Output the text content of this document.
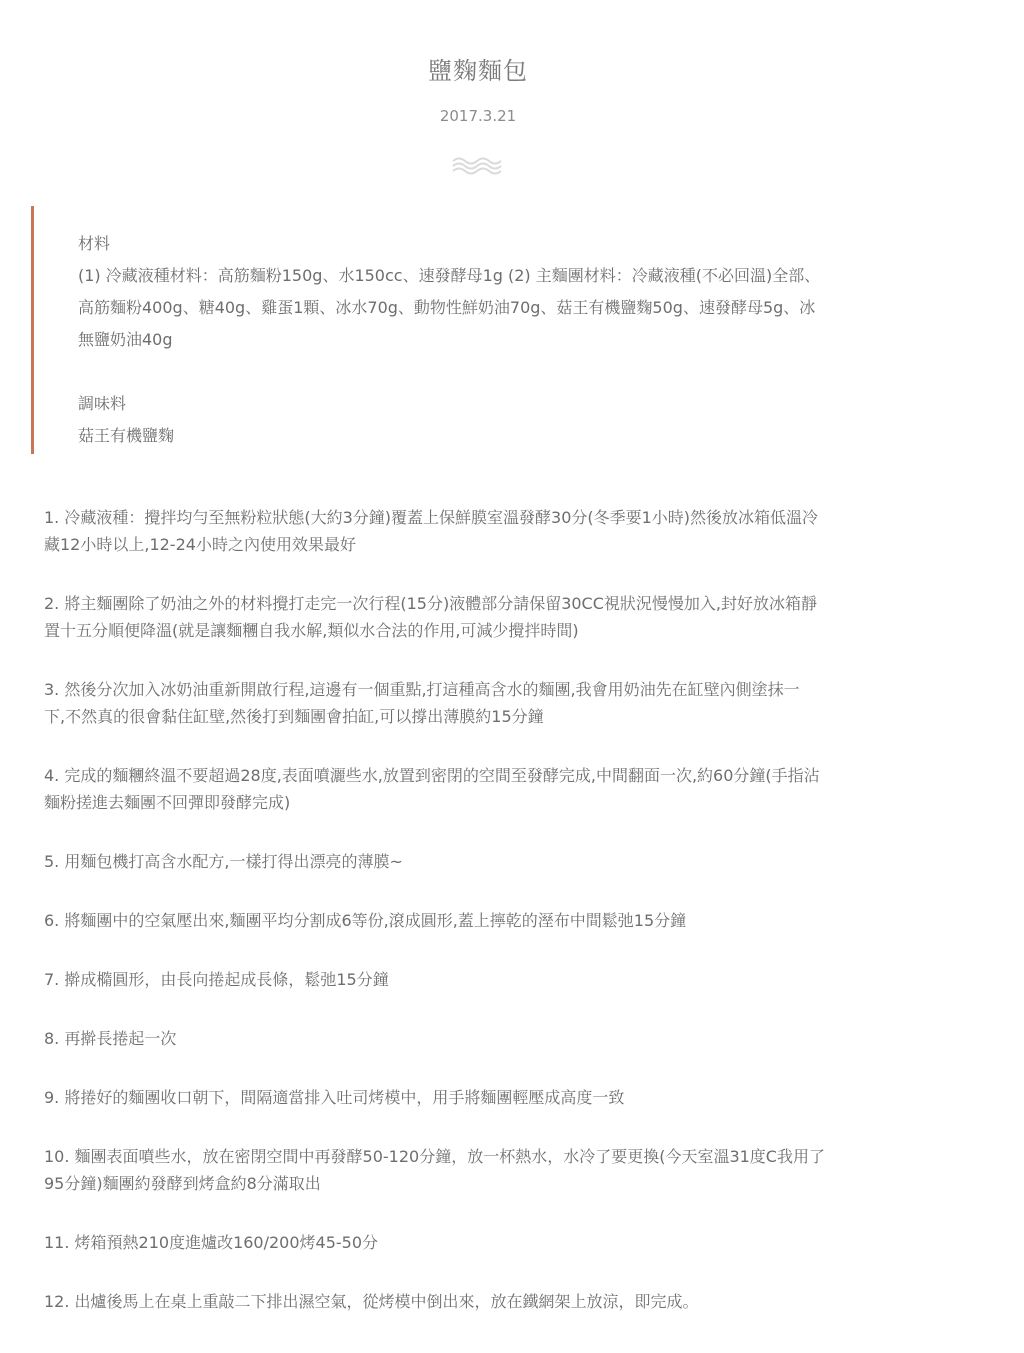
鹽麴麵包
2017.3.21

材料

(1) 冷藏液種材料：高筋麵粉150g、水150cc、速發酵母1g (2) 主麵團材料：冷藏液種(不必回溫)全部、

高筋麵粉400g、糖40g、雞蛋1顆、冰水70g、動物性鮮奶油70g、菇王有機鹽麴50g、速發酵母5g、冰

無鹽奶油40g

調味料

菇王有機鹽麴

1. 冷藏液種：攪拌均勻至無粉粒狀態(大約3分鐘)覆蓋上保鮮膜室溫發酵30分(冬季要1小時)然後放冰箱低溫冷
藏12小時以上,12-24小時之內使用效果最好
2. 將主麵團除了奶油之外的材料攪打走完一次行程(15分)液體部分請保留30CC視狀況慢慢加入,封好放冰箱靜
置十五分順便降溫(就是讓麵糰自我水解,類似水合法的作用,可減少攪拌時間)
3. 然後分次加入冰奶油重新開啟行程,這邊有一個重點,打這種高含水的麵團,我會用奶油先在缸壁內側塗抹一
下,不然真的很會黏住缸壁,然後打到麵團會拍缸,可以撐出薄膜約15分鐘
4. 完成的麵糰終溫不要超過28度,表面噴灑些水,放置到密閉的空間至發酵完成,中間翻面一次,約60分鐘(手指沾
麵粉搓進去麵團不回彈即發酵完成)
5. 用麵包機打高含水配方,一樣打得出漂亮的薄膜~
6. 將麵團中的空氣壓出來,麵團平均分割成6等份,滾成圓形,蓋上擰乾的溼布中間鬆弛15分鐘
7. 擀成橢圓形，由長向捲起成長條，鬆弛15分鐘
8. 再擀長捲起一次
9. 將捲好的麵團收口朝下，間隔適當排入吐司烤模中，用手將麵團輕壓成高度一致
10. 麵團表面噴些水，放在密閉空間中再發酵50-120分鐘，放一杯熱水，水冷了要更換(今天室溫31度C我用了
95分鐘)麵團約發酵到烤盒約8分滿取出
11. 烤箱預熱210度進爐改160/200烤45-50分
12. 出爐後馬上在桌上重敲二下排出濕空氣，從烤模中倒出來，放在鐵網架上放涼，即完成。
